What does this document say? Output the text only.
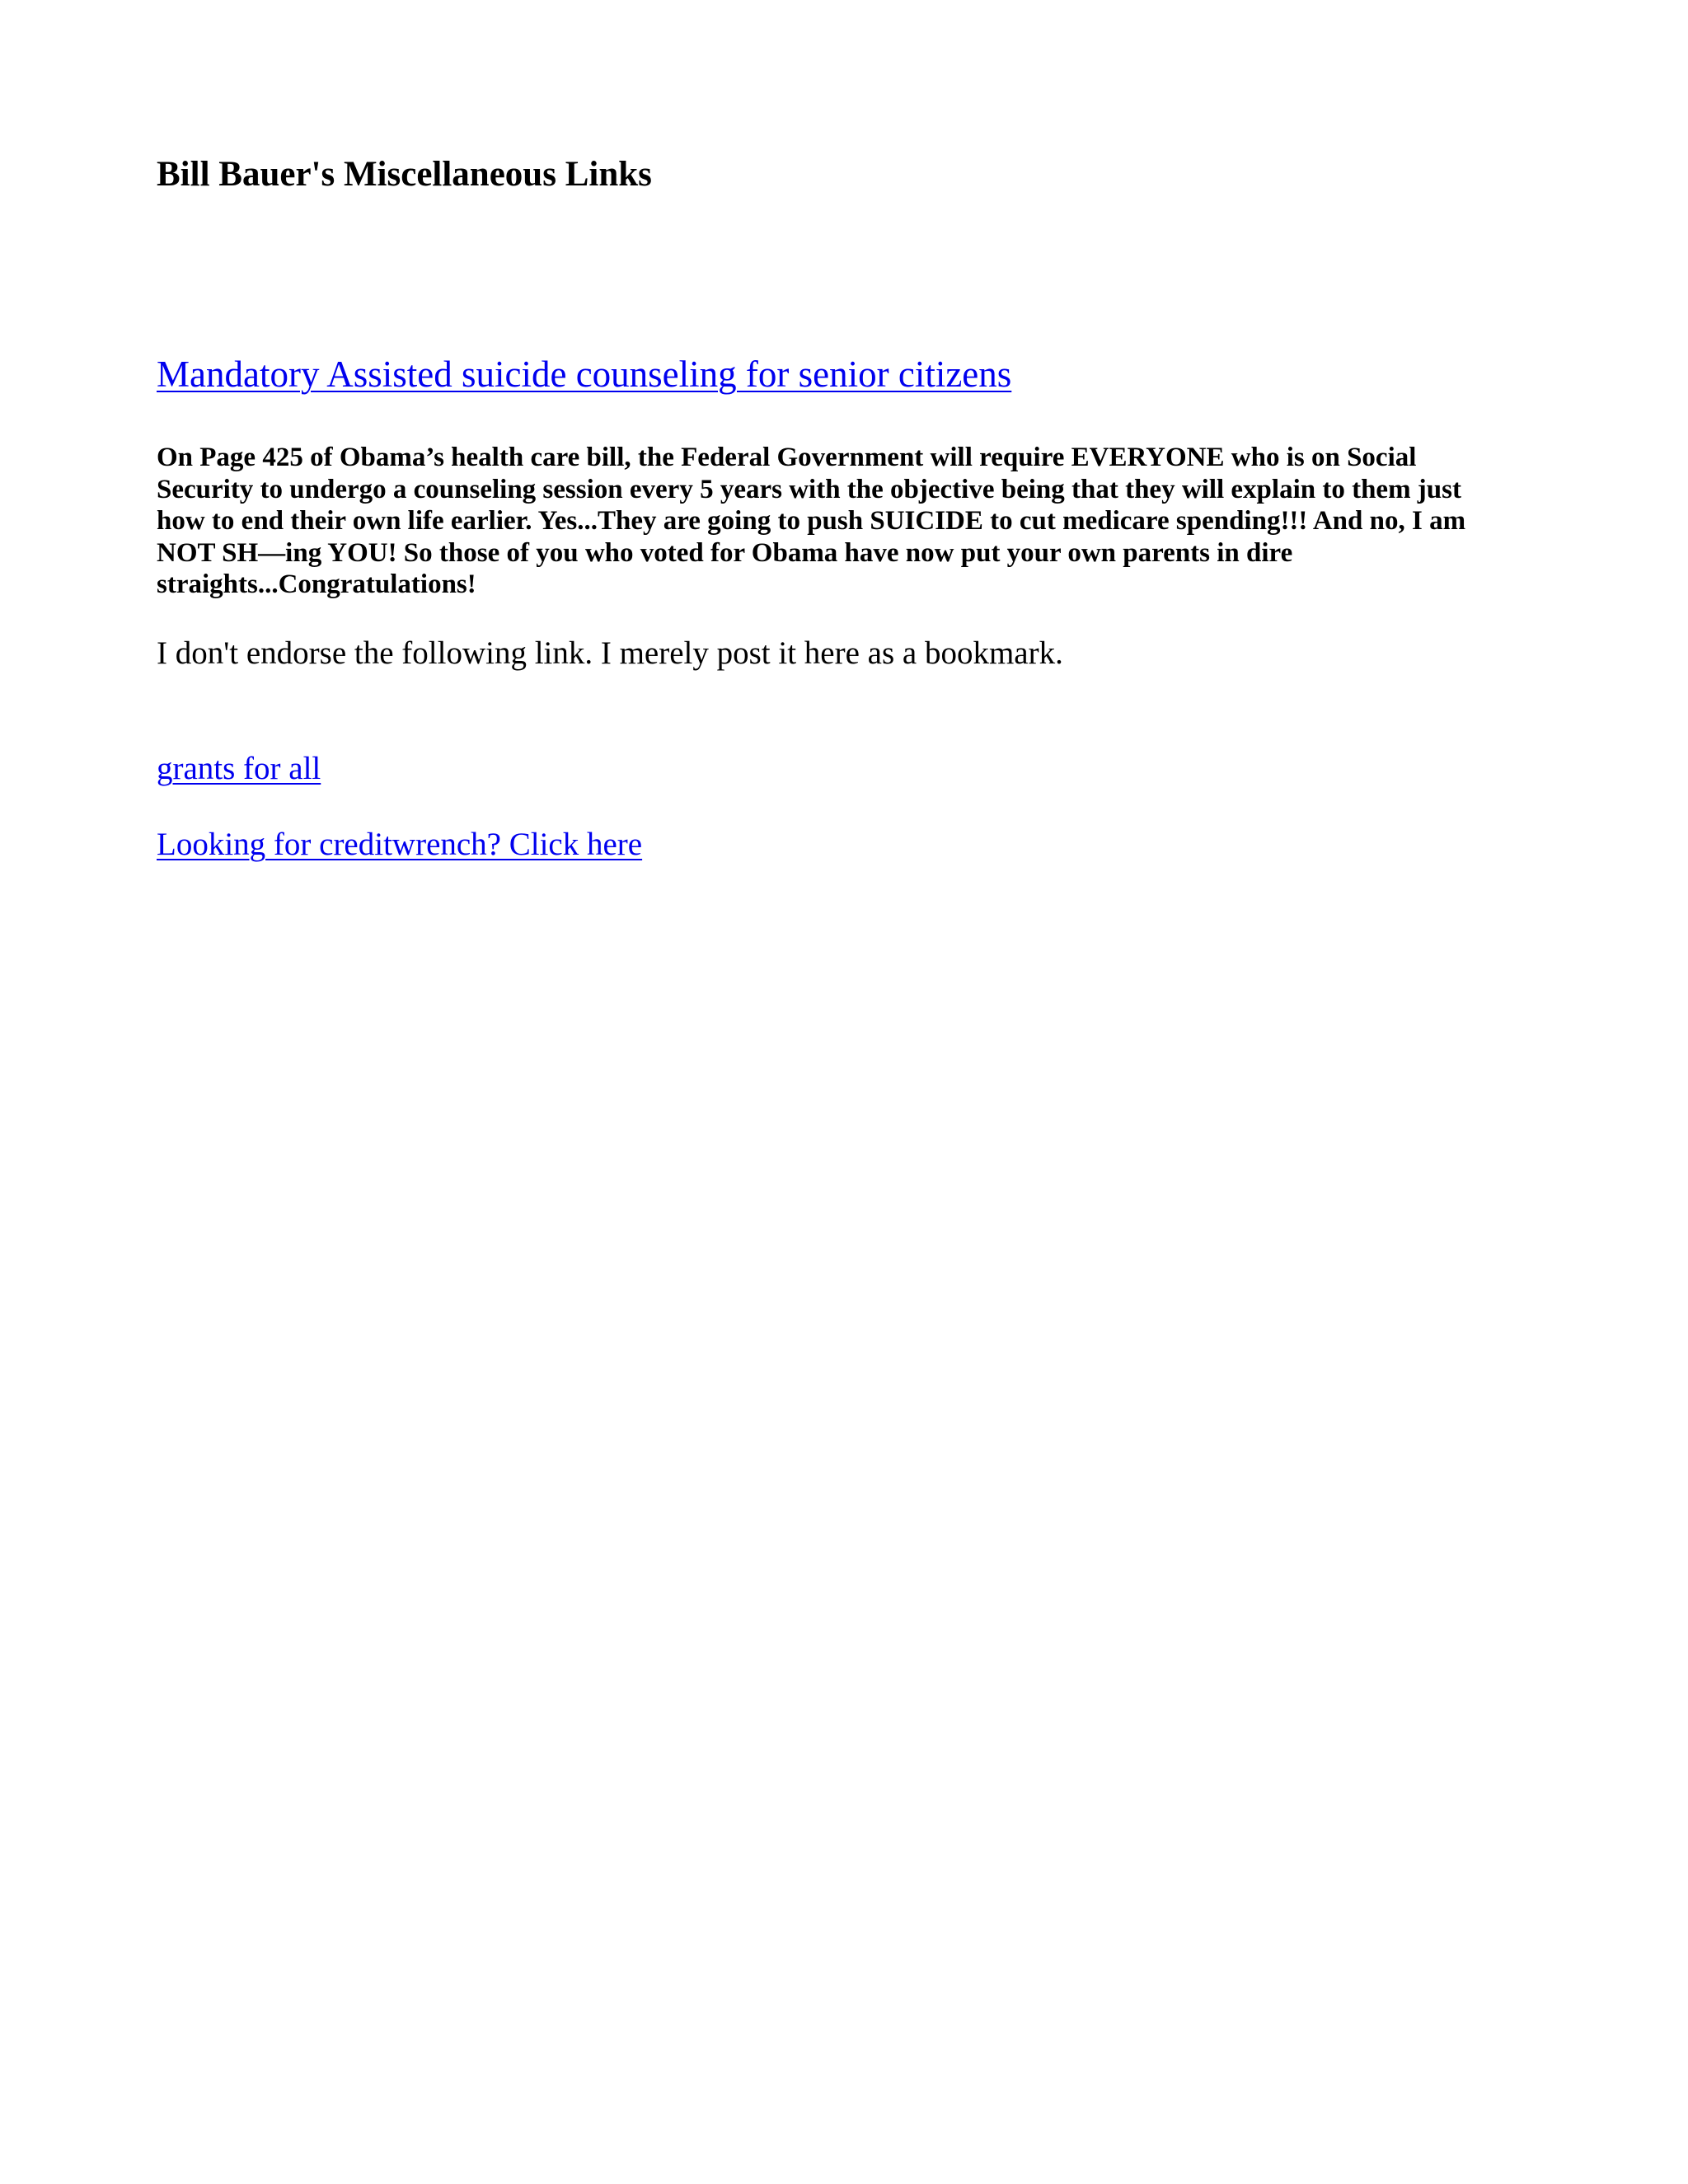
Bill Bauer's Miscellaneous Links
Mandatory Assisted suicide counseling for senior citizens

On Page 425 of Obama’s health care bill, the Federal Government will require EVERYONE who is on Social Security to undergo a counseling session every 5 years with the objective being that they will explain to them just how to end their own life earlier. Yes...They are going to push SUICIDE to cut medicare spending!!! And no, I am NOT SH—ing YOU! So those of you who voted for Obama have now put your own parents in dire straights...Congratulations!

I don't endorse the following link. I merely post it here as a bookmark.

grants for all
Looking for creditwrench? Click here
